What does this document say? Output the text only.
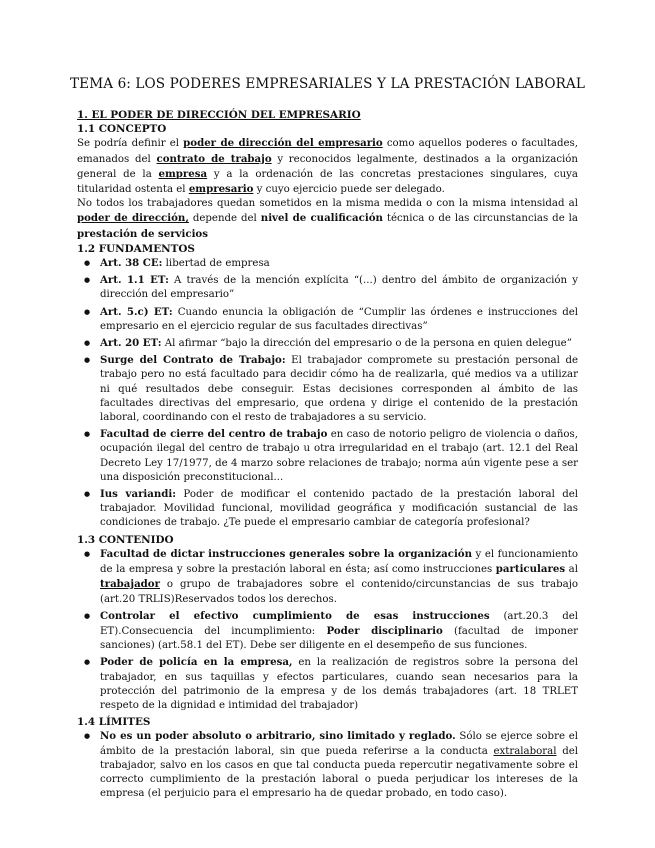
TEMA 6: LOS PODERES EMPRESARIALES Y LA PRESTACIÓN LABORAL
1. EL PODER DE DIRECCIÓN DEL EMPRESARIO
1.1 CONCEPTO

Se podría definir el poder de dirección del empresario como aquellos poderes o facultades, emanados del contrato de trabajo y reconocidos legalmente, destinados a la organización general de la empresa y a la ordenación de las concretas prestaciones singulares, cuya titularidad ostenta el empresario y cuyo ejercicio puede ser delegado.

No todos los trabajadores quedan sometidos en la misma medida o con la misma intensidad al poder de dirección, depende del nivel de cualificación técnica o de las circunstancias de la prestación de servicios

1.2 FUNDAMENTOS
● Art. 38 CE: libertad de empresa
● Art. 1.1 ET: A través de la mención explícita “(...) dentro del ámbito de organización y dirección del empresario”
● Art. 5.c) ET: Cuando enuncia la obligación de “Cumplir las órdenes e instrucciones del empresario en el ejercicio regular de sus facultades directivas”
● Art. 20 ET: Al afirmar “bajo la dirección del empresario o de la persona en quien delegue”
● Surge del Contrato de Trabajo: El trabajador compromete su prestación personal de trabajo pero no está facultado para decidir cómo ha de realizarla, qué medios va a utilizar ni qué resultados debe conseguir. Estas decisiones corresponden al ámbito de las facultades directivas del empresario, que ordena y dirige el contenido de la prestación laboral, coordinando con el resto de trabajadores a su servicio.
● Facultad de cierre del centro de trabajo en caso de notorio peligro de violencia o daños, ocupación ilegal del centro de trabajo u otra irregularidad en el trabajo (art. 12.1 del Real Decreto Ley 17/1977, de 4 marzo sobre relaciones de trabajo; norma aún vigente pese a ser una disposición preconstitucional...
● Ius variandi: Poder de modificar el contenido pactado de la prestación laboral del trabajador. Movilidad funcional, movilidad geográfica y modificación sustancial de las condiciones de trabajo. ¿Te puede el empresario cambiar de categoría profesional?
1.3 CONTENIDO
● Facultad de dictar instrucciones generales sobre la organización y el funcionamiento de la empresa y sobre la prestación laboral en ésta; así como instrucciones particulares al trabajador o grupo de trabajadores sobre el contenido/circunstancias de sus trabajo (art.20 TRLIS)Reservados todos los derechos.
● Controlar el efectivo cumplimiento de esas instrucciones (art.20.3 del ET).Consecuencia del incumplimiento: Poder disciplinario (facultad de imponer sanciones) (art.58.1 del ET). Debe ser diligente en el desempeño de sus funciones.
● Poder de policía en la empresa, en la realización de registros sobre la persona del trabajador, en sus taquillas y efectos particulares, cuando sean necesarios para la protección del patrimonio de la empresa y de los demás trabajadores (art. 18 TRLET respeto de la dignidad e intimidad del trabajador)
1.4 LÍMITES
● No es un poder absoluto o arbitrario, sino limitado y reglado. Sólo se ejerce sobre el ámbito de la prestación laboral, sin que pueda referirse a la conducta extralaboral del trabajador, salvo en los casos en que tal conducta pueda repercutir negativamente sobre el correcto cumplimiento de la prestación laboral o pueda perjudicar los intereses de la empresa (el perjuicio para el empresario ha de quedar probado, en todo caso).
